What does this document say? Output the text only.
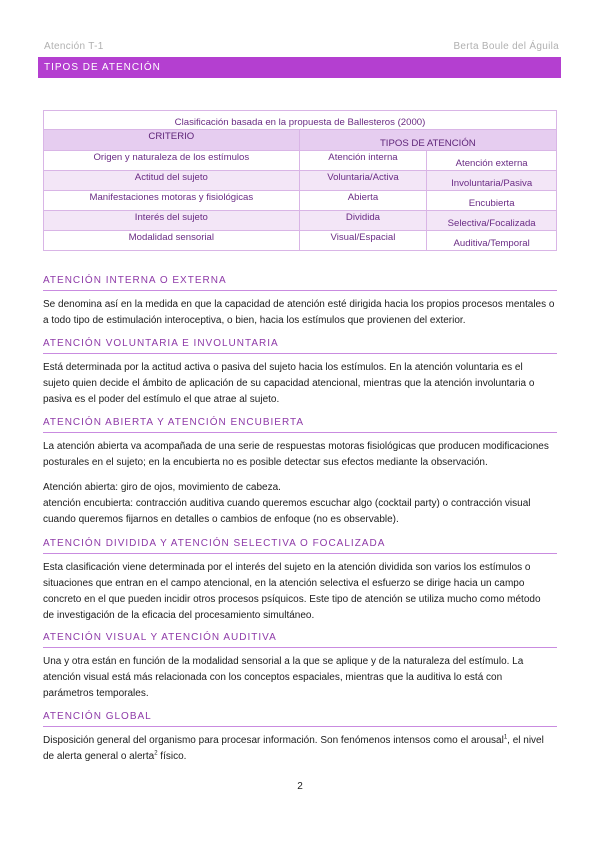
Atención T-1	Berta Boule del Águila
TIPOS DE ATENCIÓN
Clasificación basada en la propuesta de Ballesteros (2000)		
CRITERIO	TIPOS DE ATENCIÓN	
Origen y naturaleza de los estímulos	Atención interna	Atención externa
Actitud del sujeto	Voluntaria/Activa	Involuntaria/Pasiva
Manifestaciones motoras y fisiológicas	Abierta	Encubierta
Interés del sujeto	Dividida	Selectiva/Focalizada
Modalidad sensorial	Visual/Espacial	Auditiva/Temporal
ATENCIÓN INTERNA O EXTERNA
Se denomina así en la medida en que la capacidad de atención esté dirigida hacia los propios procesos mentales o
a todo tipo de estimulación interoceptiva, o bien, hacia los estímulos que provienen del exterior.
ATENCIÓN VOLUNTARIA E INVOLUNTARIA
Está determinada por la actitud activa o pasiva del sujeto hacia los estímulos. En la atención voluntaria es el
sujeto quien decide el ámbito de aplicación de su capacidad atencional, mientras que la atención involuntaria o
pasiva es el poder del estímulo el que atrae al sujeto.
ATENCIÓN ABIERTA Y ATENCIÓN ENCUBIERTA
La atención abierta va acompañada de una serie de respuestas motoras fisiológicas que producen modificaciones
posturales en el sujeto; en la encubierta no es posible detectar sus efectos mediante la observación.
Atención abierta: giro de ojos, movimiento de cabeza.
atención encubierta: contracción auditiva cuando queremos escuchar algo (cocktail party) o contracción visual
cuando queremos fijarnos en detalles o cambios de enfoque (no es observable).
ATENCIÓN DIVIDIDA Y ATENCIÓN SELECTIVA O FOCALIZADA
Esta clasificación viene determinada por el interés del sujeto en la atención dividida son varios los estímulos o
situaciones que entran en el campo atencional, en la atención selectiva el esfuerzo se dirige hacia un campo
concreto en el que pueden incidir otros procesos psíquicos. Este tipo de atención se utiliza mucho como método
de investigación de la eficacia del procesamiento simultáneo.
ATENCIÓN VISUAL Y ATENCIÓN AUDITIVA
Una y otra están en función de la modalidad sensorial a la que se aplique y de la naturaleza del estímulo. La
atención visual está más relacionada con los conceptos espaciales, mientras que la auditiva lo está con
parámetros temporales.
ATENCIÓN GLOBAL
Disposición general del organismo para procesar información. Son fenómenos intensos como el arousal$^1$, el nivel
de alerta general o alerta$^2$ físico.
2
